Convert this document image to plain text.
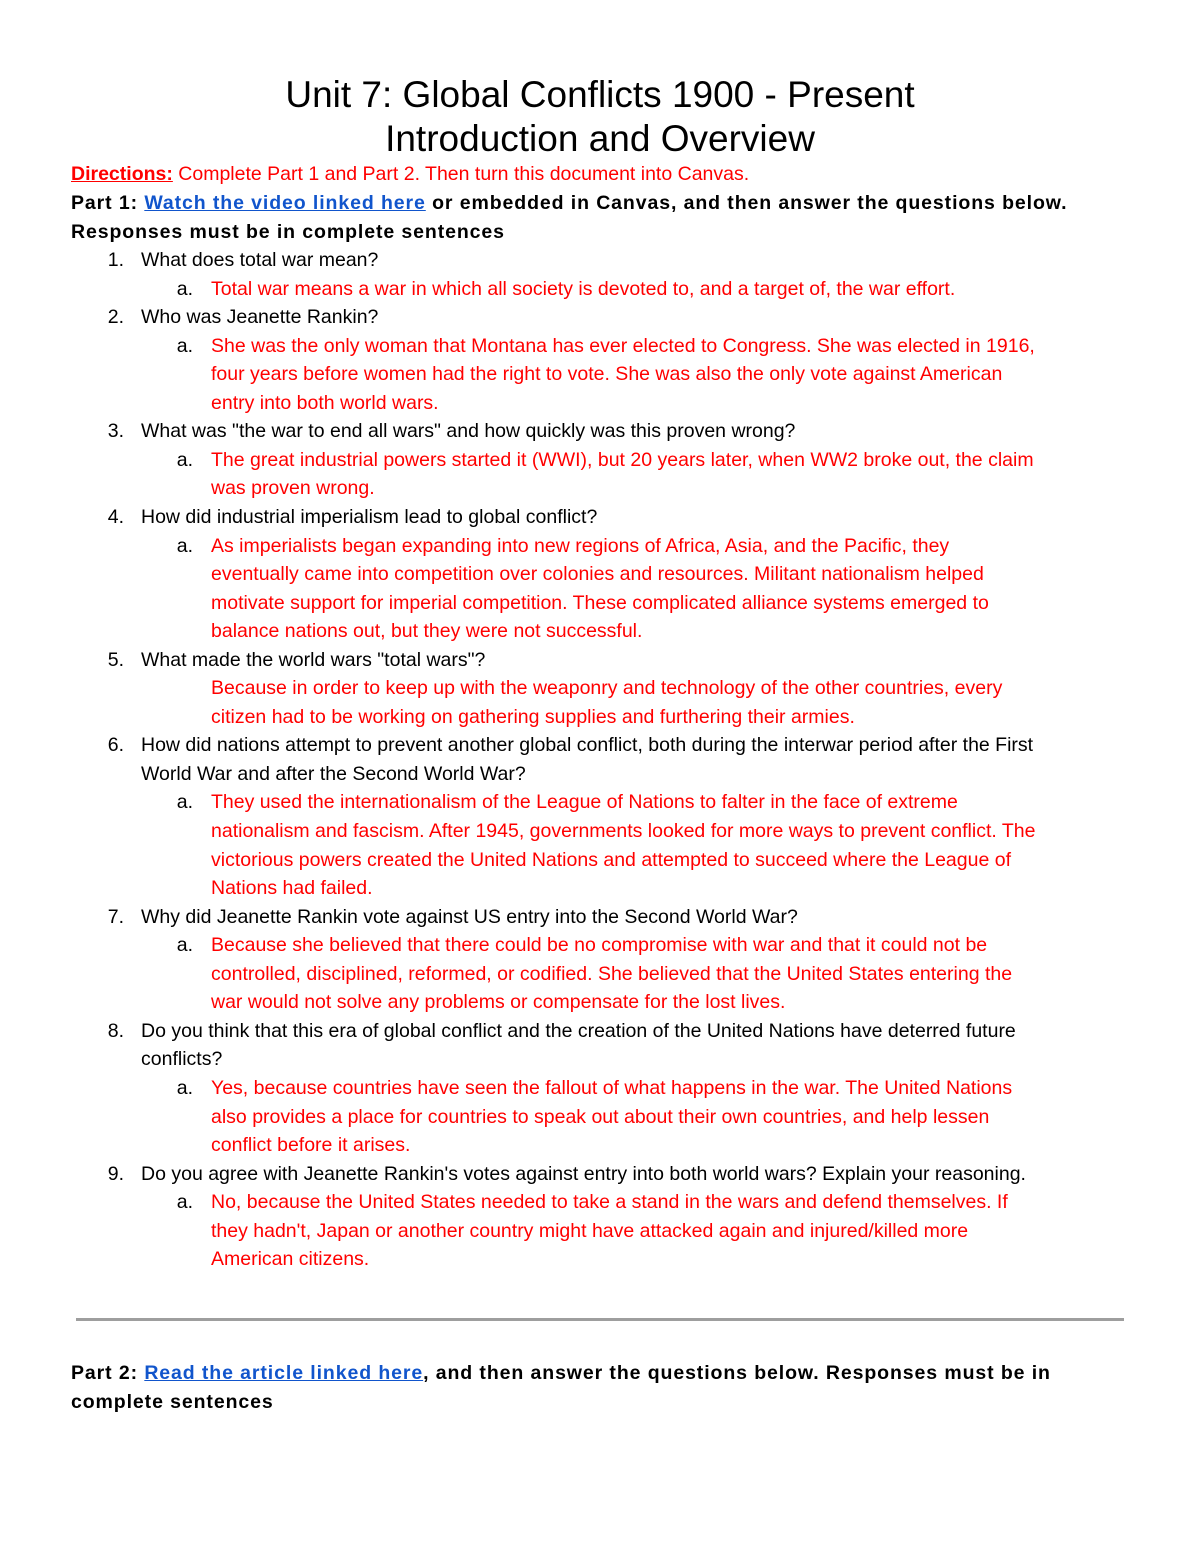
Unit 7: Global Conflicts 1900 - Present
Introduction and Overview
Directions: Complete Part 1 and Part 2. Then turn this document into Canvas.
Part 1: Watch the video linked here or embedded in Canvas, and then answer the questions below.
Responses must be in complete sentences
1. What does total war mean?
a. Total war means a war in which all society is devoted to, and a target of, the war effort.
2. Who was Jeanette Rankin?
a. She was the only woman that Montana has ever elected to Congress. She was elected in 1916,
four years before women had the right to vote. She was also the only vote against American
entry into both world wars.
3. What was "the war to end all wars" and how quickly was this proven wrong?
a. The great industrial powers started it (WWI), but 20 years later, when WW2 broke out, the claim
was proven wrong.
4. How did industrial imperialism lead to global conflict?
a. As imperialists began expanding into new regions of Africa, Asia, and the Pacific, they
eventually came into competition over colonies and resources. Militant nationalism helped
motivate support for imperial competition. These complicated alliance systems emerged to
balance nations out, but they were not successful.
5. What made the world wars "total wars"?
Because in order to keep up with the weaponry and technology of the other countries, every
citizen had to be working on gathering supplies and furthering their armies.
6. How did nations attempt to prevent another global conflict, both during the interwar period after the First
World War and after the Second World War?
a. They used the internationalism of the League of Nations to falter in the face of extreme
nationalism and fascism. After 1945, governments looked for more ways to prevent conflict. The
victorious powers created the United Nations and attempted to succeed where the League of
Nations had failed.
7. Why did Jeanette Rankin vote against US entry into the Second World War?
a. Because she believed that there could be no compromise with war and that it could not be
controlled, disciplined, reformed, or codified. She believed that the United States entering the
war would not solve any problems or compensate for the lost lives.
8. Do you think that this era of global conflict and the creation of the United Nations have deterred future
conflicts?
a. Yes, because countries have seen the fallout of what happens in the war. The United Nations
also provides a place for countries to speak out about their own countries, and help lessen
conflict before it arises.
9. Do you agree with Jeanette Rankin's votes against entry into both world wars? Explain your reasoning.
a. No, because the United States needed to take a stand in the wars and defend themselves. If
they hadn't, Japan or another country might have attacked again and injured/killed more
American citizens.
Part 2: Read the article linked here, and then answer the questions below. Responses must be in
complete sentences
